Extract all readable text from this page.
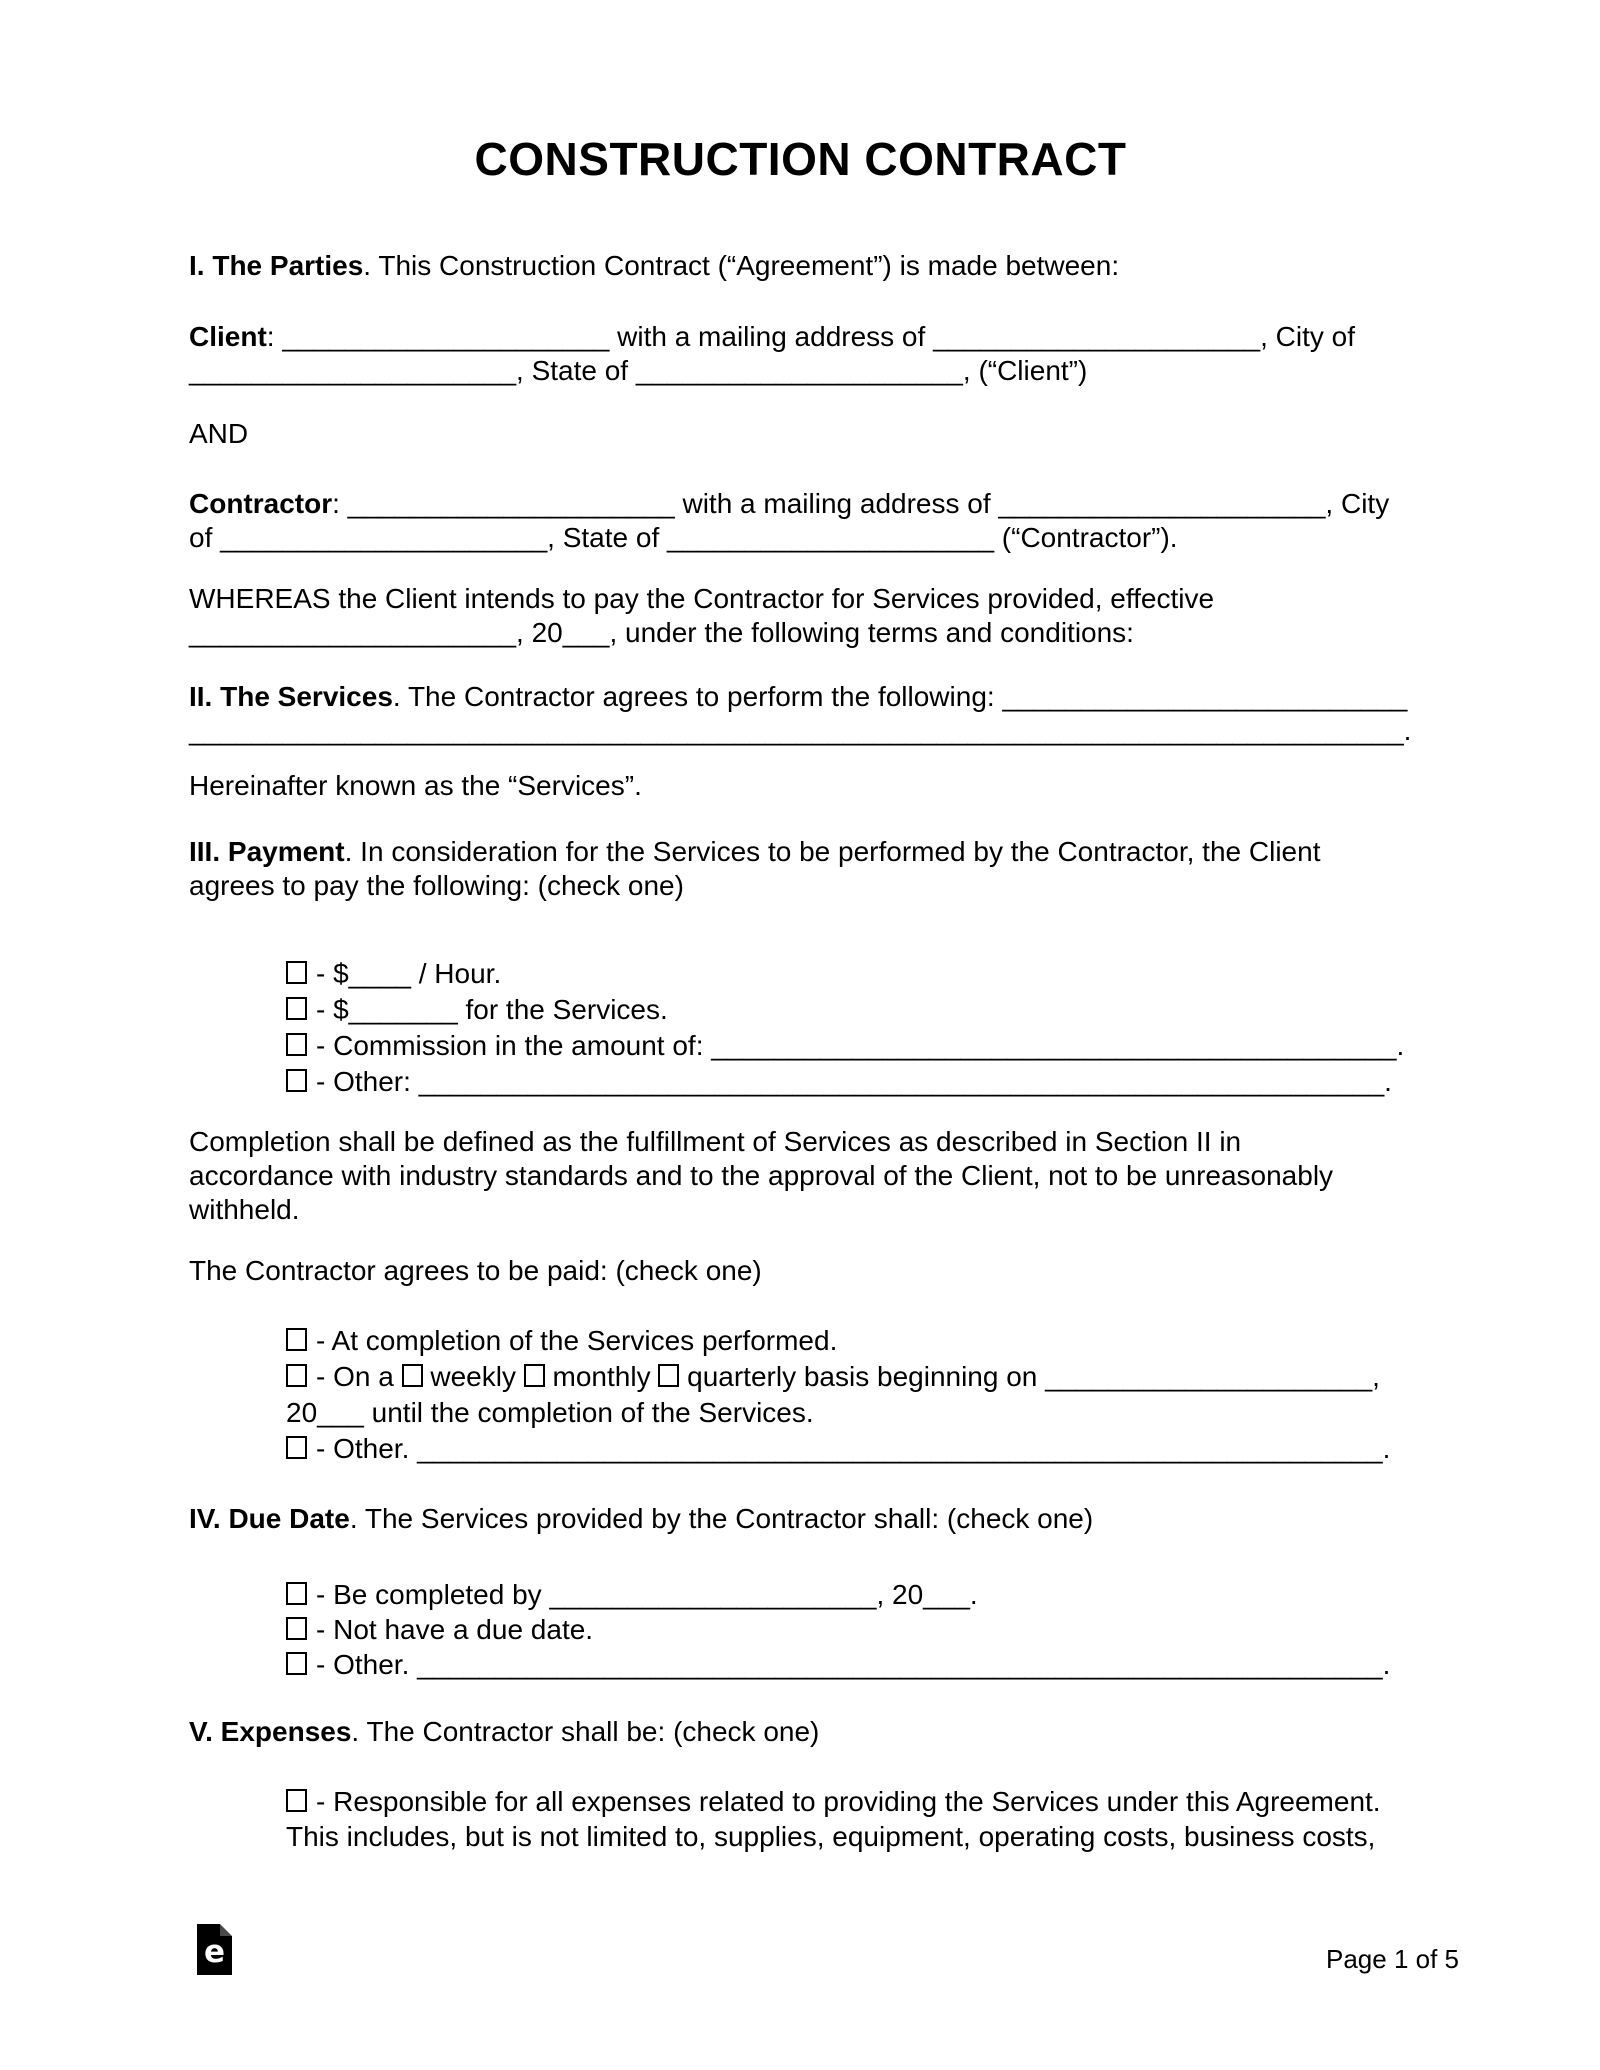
CONSTRUCTION CONTRACT
I. The Parties. This Construction Contract (“Agreement”) is made between:
Client: _____________________ with a mailing address of _____________________, City of
_____________________, State of _____________________, (“Client”)
AND
Contractor: _____________________ with a mailing address of _____________________, City
of _____________________, State of _____________________ (“Contractor”).
WHEREAS the Client intends to pay the Contractor for Services provided, effective
_____________________, 20___, under the following terms and conditions:
II. The Services. The Contractor agrees to perform the following: __________________________
______________________________________________________________________________.
Hereinafter known as the “Services”.
III. Payment. In consideration for the Services to be performed by the Contractor, the Client
agrees to pay the following: (check one)
- $____ / Hour.
- $_______ for the Services.
- Commission in the amount of: ____________________________________________.
- Other: ______________________________________________________________.
Completion shall be defined as the fulfillment of Services as described in Section II in
accordance with industry standards and to the approval of the Client, not to be unreasonably
withheld.
The Contractor agrees to be paid: (check one)
- At completion of the Services performed.
- On a  weekly  monthly  quarterly basis beginning on _____________________,
20___ until the completion of the Services.
- Other. ______________________________________________________________.
IV. Due Date. The Services provided by the Contractor shall: (check one)
- Be completed by _____________________, 20___.
- Not have a due date.
- Other. ______________________________________________________________.
V. Expenses. The Contractor shall be: (check one)
- Responsible for all expenses related to providing the Services under this Agreement.
This includes, but is not limited to, supplies, equipment, operating costs, business costs,
e	Page 1 of 5
